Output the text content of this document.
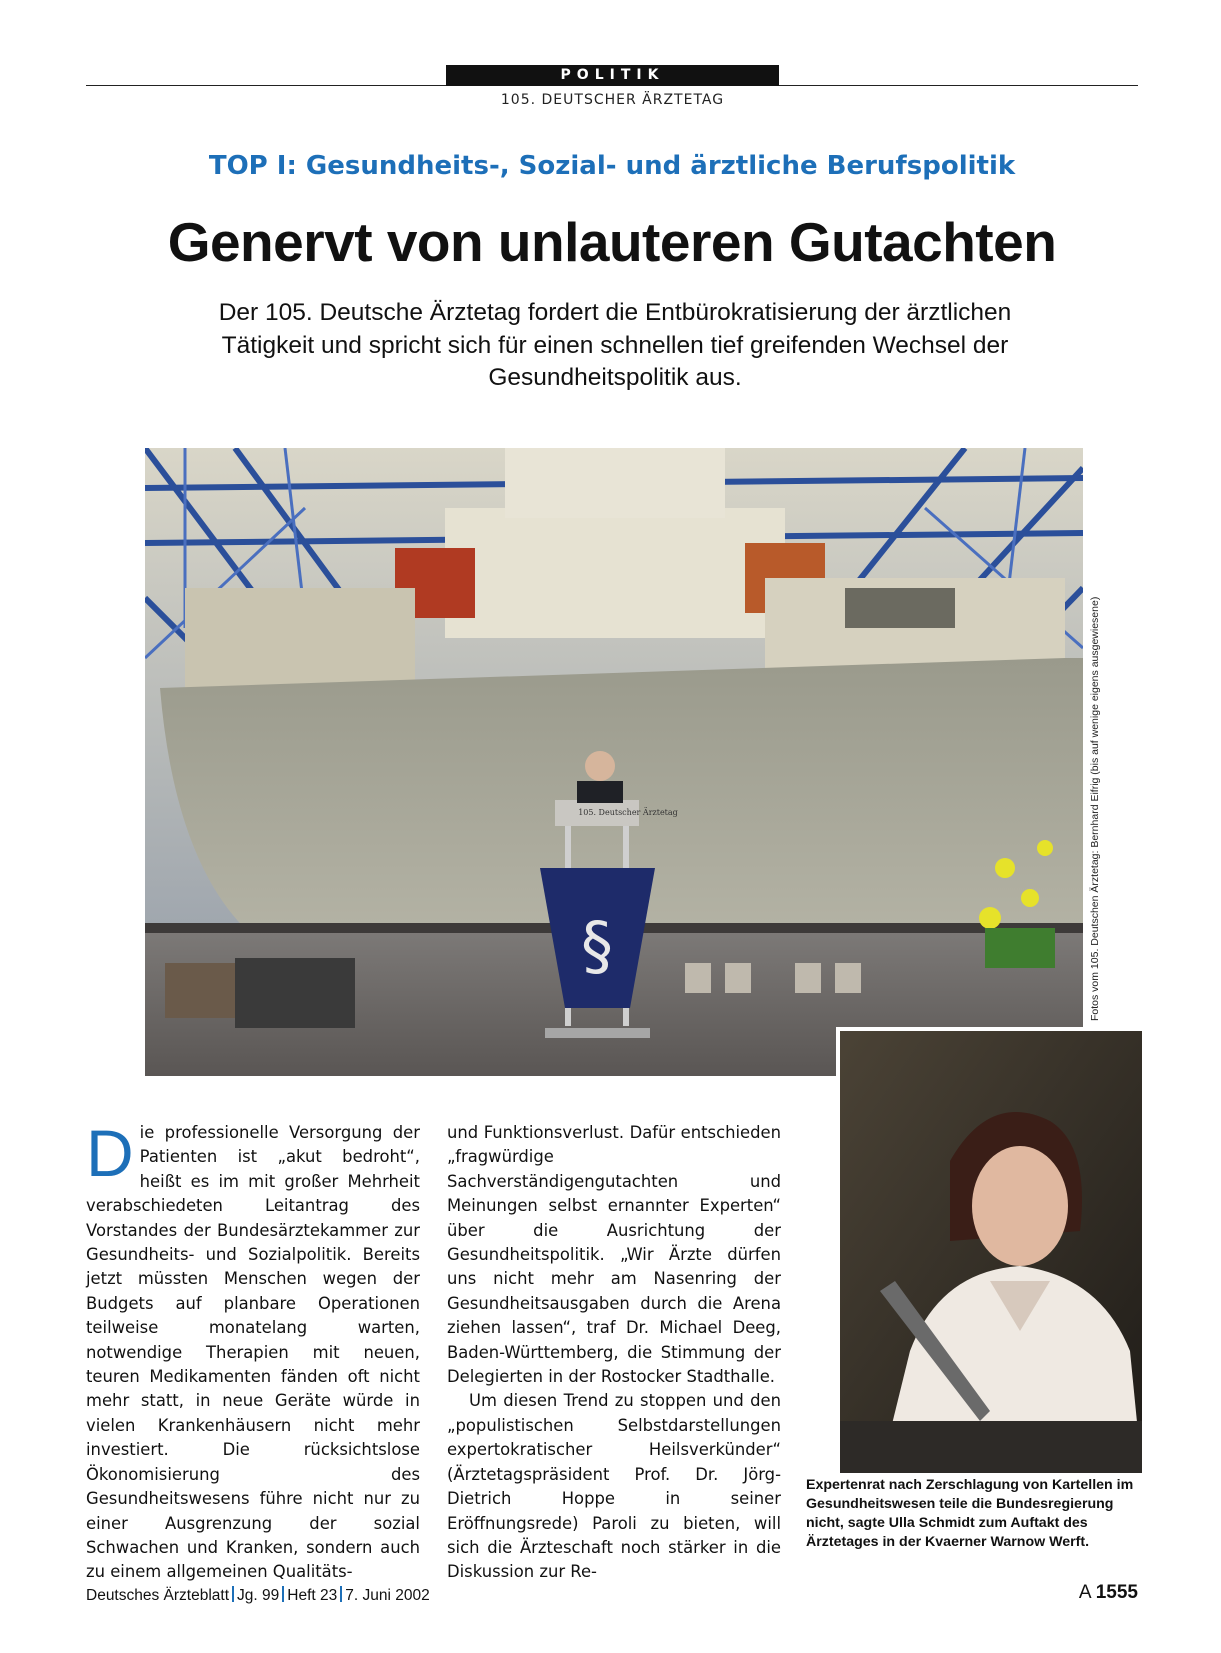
POLITIK
105. DEUTSCHER ÄRZTETAG
TOP I: Gesundheits-, Sozial- und ärztliche Berufspolitik
Genervt von unlauteren Gutachten
Der 105. Deutsche Ärztetag fordert die Entbürokratisierung der ärztlichen Tätigkeit und spricht sich für einen schnellen tief greifenden Wechsel der Gesundheitspolitik aus.
§
105. Deutscher Ärztetag	Fotos vom 105. Deutschen Ärztetag: Bernhard Eifrig (bis auf wenige eigens ausgewiesene)
Expertenrat nach Zerschlagung von Kartellen im Gesundheitswesen teile die Bundesregierung nicht, sagte Ulla Schmidt zum Auftakt des Ärztetages in der Kvaerner Warnow Werft.

Die professionelle Versorgung der Patienten ist „akut bedroht“, heißt es im mit großer Mehrheit verabschiedeten Leitantrag des Vorstandes der Bundesärztekammer zur Gesundheits- und Sozialpolitik. Bereits jetzt müssten Menschen wegen der Budgets auf planbare Operationen teilweise monatelang warten, notwendige Therapien mit neuen, teuren Medikamenten fänden oft nicht mehr statt, in neue Geräte würde in vielen Krankenhäusern nicht mehr investiert. Die rücksichtslose Ökonomisierung des Gesundheitswesens führe nicht nur zu einer Ausgrenzung der sozial Schwachen und Kranken, sondern auch zu einem allgemeinen Qualitäts-

und Funktionsverlust. Dafür entschieden „fragwürdige Sachverständigengutachten und Meinungen selbst ernannter Experten“ über die Ausrichtung der Gesundheitspolitik. „Wir Ärzte dürfen uns nicht mehr am Nasenring der Gesundheitsausgaben durch die Arena ziehen lassen“, traf Dr. Michael Deeg, Baden-Württemberg, die Stimmung der Delegierten in der Rostocker Stadthalle.

Um diesen Trend zu stoppen und den „populistischen Selbstdarstellungen expertokratischer Heilsverkünder“ (Ärztetagspräsident Prof. Dr. Jörg-Dietrich Hoppe in seiner Eröffnungsrede) Paroli zu bieten, will sich die Ärzteschaft noch stärker in die Diskussion zur Re-

Deutsches Ärzteblatt Jg. 99 Heft 23 7. Juni 2002	A 1555
